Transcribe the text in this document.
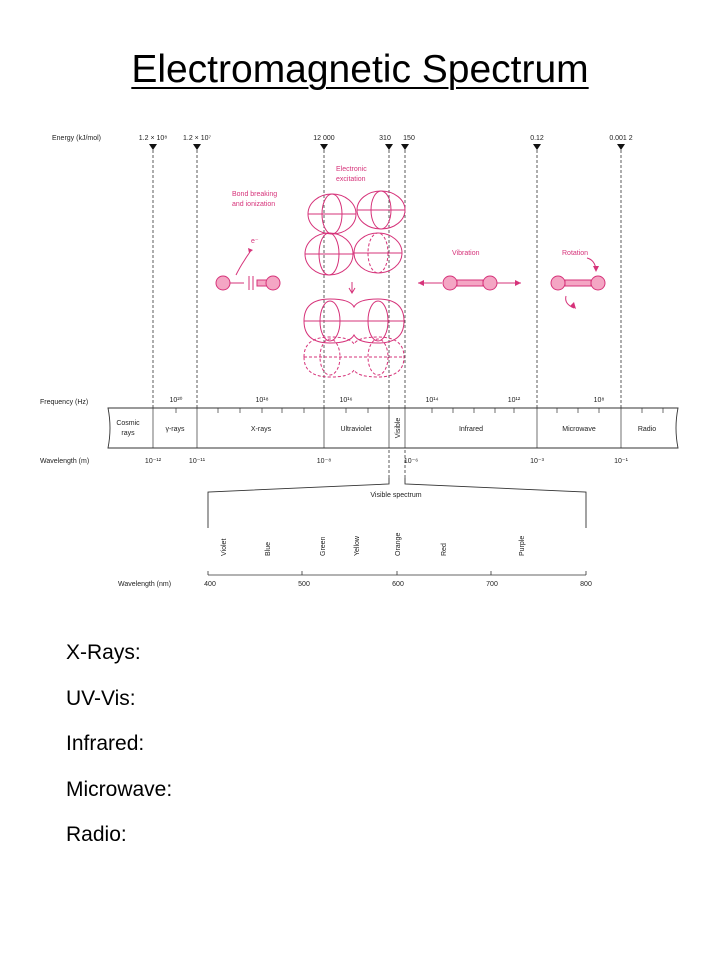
Electromagnetic Spectrum
Energy (kJ/mol)	1.2 × 10⁸ 1.2 × 10⁷	12 000	310 150	0.12	0.001 2
Bond breaking
and ionization
Electronic
excitation
Vibration	Rotation
e⁻
Frequency (Hz)	10²⁰	10¹⁸	10¹⁶	10¹⁴	10¹²	10⁸
Cosmic
rays
γ-rays	X-rays	Ultraviolet	Visible	Infrared	Microwave	Radio
Wavelength (m)	10⁻¹²	10⁻¹¹	10⁻⁸	10⁻⁶	10⁻³	10⁻¹
Visible spectrum
Violet	Blue	Green	Yellow	Orange	Red	Purple
Wavelength (nm)	400	500	600	700	800
X-Rays:
UV-Vis:
Infrared:
Microwave:
Radio:
